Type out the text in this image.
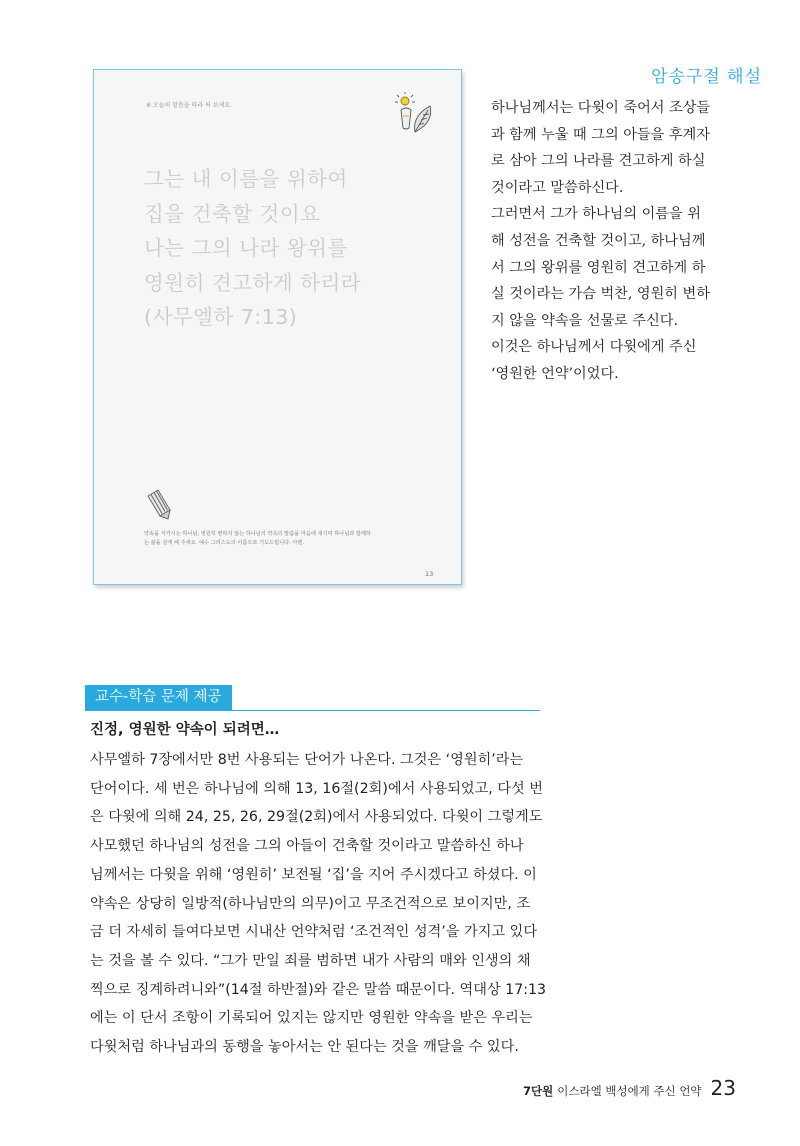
※ 오늘의 말씀을 따라 써 보세요.
그는 내 이름을 위하여
집을 건축할 것이요
나는 그의 나라 왕위를
영원히 견고하게 하리라
(사무엘하 7:13)
약속을 지키시는 하나님, 영원히 변하지 않는 하나님의 약속의 말씀을 마음에 새기며 하나님과 함께하
는 삶을 살게 해 주세요. 예수 그리스도의 이름으로 기도드립니다. 아멘.
13
암송구절 해설
하나님께서는 다윗이 죽어서 조상들
과 함께 누울 때 그의 아들을 후계자
로 삼아 그의 나라를 견고하게 하실
것이라고 말씀하신다.
그러면서 그가 하나님의 이름을 위
해 성전을 건축할 것이고, 하나님께
서 그의 왕위를 영원히 견고하게 하
실 것이라는 가슴 벅찬, 영원히 변하
지 않을 약속을 선물로 주신다.
이것은 하나님께서 다윗에게 주신
‘영원한 언약’이었다.
교수-학습 문제 제공
진정, 영원한 약속이 되려면…
사무엘하 7장에서만 8번 사용되는 단어가 나온다. 그것은 ‘영원히’라는
단어이다. 세 번은 하나님에 의해 13, 16절(2회)에서 사용되었고, 다섯 번
은 다윗에 의해 24, 25, 26, 29절(2회)에서 사용되었다. 다윗이 그렇게도
사모했던 하나님의 성전을 그의 아들이 건축할 것이라고 말씀하신 하나
님께서는 다윗을 위해 ‘영원히’ 보전될 ‘집’을 지어 주시겠다고 하셨다. 이
약속은 상당히 일방적(하나님만의 의무)이고 무조건적으로 보이지만, 조
금 더 자세히 들여다보면 시내산 언약처럼 ‘조건적인 성격’을 가지고 있다
는 것을 볼 수 있다. “그가 만일 죄를 범하면 내가 사람의 매와 인생의 채
찍으로 징계하려니와”(14절 하반절)와 같은 말씀 때문이다. 역대상 17:13
에는 이 단서 조항이 기록되어 있지는 않지만 영원한 약속을 받은 우리는
다윗처럼 하나님과의 동행을 놓아서는 안 된다는 것을 깨달을 수 있다.
7단원 이스라엘 백성에게 주신 언약 23
